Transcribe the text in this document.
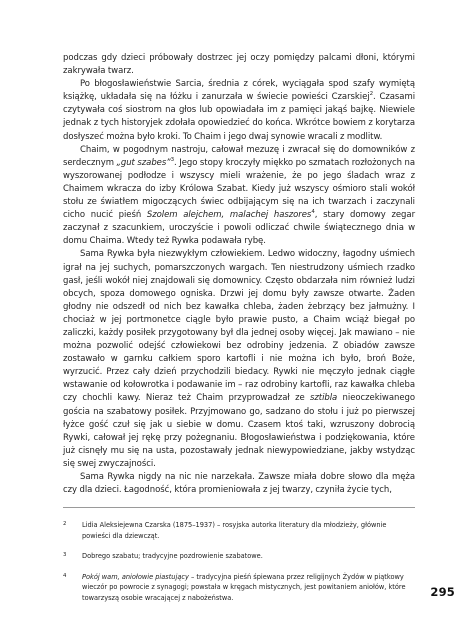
podczas gdy dzieci próbowały dostrzec jej oczy pomiędzy palcami dłoni, którymi zakrywała twarz.

Po błogosławieństwie Sarcia, średnia z córek, wyciągała spod szafy wymiętą książkę, układała się na łóżku i zanurzała w świecie powieści Czarskiej$^2$. Czasami czytywała coś siostrom na głos lub opowiadała im z pamięci jakąś bajkę. Niewiele jednak z tych historyjek zdołała opowiedzieć do końca. Wkrótce bowiem z korytarza dosłyszeć można było kroki. To Chaim i jego dwaj synowie wracali z modlitw.

Chaim, w pogodnym nastroju, całował mezuzę i zwracał się do domowników z serdecznym „gut szabes”$^3$. Jego stopy kroczyły miękko po szmatach rozłożonych na wyszorowanej podłodze i wszyscy mieli wrażenie, że po jego śladach wraz z Chaimem wkracza do izby Królowa Szabat. Kiedy już wszyscy ośmioro stali wokół stołu ze światłem migoczących świec odbijającym się na ich twarzach i zaczynali cicho nucić pieśń Szolem alejchem, malachej haszores$^4$, stary domowy zegar zaczynał z szacunkiem, uroczyście i powoli odliczać chwile świątecznego dnia w domu Chaima. Wtedy też Rywka podawała rybę.

Sama Rywka była niezwykłym człowiekiem. Ledwo widoczny, łagodny uśmiech igrał na jej suchych, pomarszczonych wargach. Ten niestrudzony uśmiech rzadko gasł, jeśli wokół niej znajdowali się domownicy. Często obdarzała nim również ludzi obcych, spoza domowego ogniska. Drzwi jej domu były zawsze otwarte. Żaden głodny nie odszedł od nich bez kawałka chleba, żaden żebrzący bez jałmużny. I chociaż w jej portmonetce ciągle było prawie pusto, a Chaim wciąż biegał po zaliczki, każdy posiłek przygotowany był dla jednej osoby więcej. Jak mawiano – nie można pozwolić odejść człowiekowi bez odrobiny jedzenia. Z obiadów zawsze zostawało w garnku całkiem sporo kartofli i nie można ich było, broń Boże, wyrzucić. Przez cały dzień przychodzili biedacy. Rywki nie męczyło jednak ciągłe wstawanie od kołowrotka i podawanie im – raz odrobiny kartofli, raz kawałka chleba czy chochli kawy. Nieraz też Chaim przyprowadzał ze sztibla nieoczekiwanego gościa na szabatowy posiłek. Przyjmowano go, sadzano do stołu i już po pierwszej łyżce gość czuł się jak u siebie w domu. Czasem ktoś taki, wzruszony dobrocią Rywki, całował jej rękę przy pożegnaniu. Błogosławieństwa i podziękowania, które już cisnęły mu się na usta, pozostawały jednak niewypowiedziane, jakby wstydząc się swej zwyczajności.

Sama Rywka nigdy na nic nie narzekała. Zawsze miała dobre słowo dla męża czy dla dzieci. Łagodność, która promieniowała z jej twarzy, czyniła życie tych,

2 Lidia Aleksiejewna Czarska (1875–1937) – rosyjska autorka literatury dla młodzieży, głównie powieści dla dziewcząt.
3 Dobrego szabatu; tradycyjne pozdrowienie szabatowe.
4 Pokój wam, aniołowie piastujący – tradycyjna pieśń śpiewana przez religijnych Żydów w piątkowy wieczór po powrocie z synagogi; powstała w kręgach mistycznych, jest powitaniem aniołów, które towarzyszą osobie wracającej z nabożeństwa.	295
